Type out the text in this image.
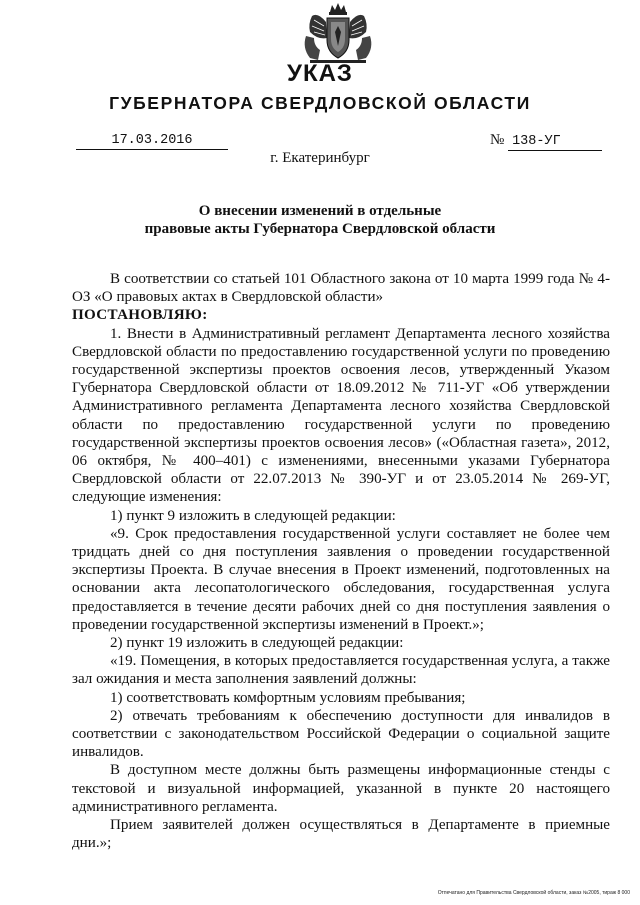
УКАЗ
ГУБЕРНАТОРА СВЕРДЛОВСКОЙ ОБЛАСТИ
17.03.2016	№ 138-УГ
г. Екатеринбург
О внесении изменений в отдельные
правовые акты Губернатора Свердловской области

В соответствии со статьей 101 Областного закона от 10 марта 1999 года № 4-ОЗ «О правовых актах в Свердловской области»

ПОСТАНОВЛЯЮ:

1. Внести в Административный регламент Департамента лесного хозяйства Свердловской области по предоставлению государственной услуги по проведению государственной экспертизы проектов освоения лесов, утвержденный Указом Губернатора Свердловской области от 18.09.2012 № 711-УГ «Об утверждении Административного регламента Департамента лесного хозяйства Свердловской области по предоставлению государственной услуги по проведению государственной экспертизы проектов освоения лесов» («Областная газета», 2012, 06 октября, № 400–401) с изменениями, внесенными указами Губернатора Свердловской области от 22.07.2013 № 390-УГ и от 23.05.2014 № 269-УГ, следующие изменения:

1) пункт 9 изложить в следующей редакции:

«9. Срок предоставления государственной услуги составляет не более чем тридцать дней со дня поступления заявления о проведении государственной экспертизы Проекта. В случае внесения в Проект изменений, подготовленных на основании акта лесопатологического обследования, государственная услуга предоставляется в течение десяти рабочих дней со дня поступления заявления о проведении государственной экспертизы изменений в Проект.»;

2) пункт 19 изложить в следующей редакции:

«19. Помещения, в которых предоставляется государственная услуга, а также зал ожидания и места заполнения заявлений должны:

1) соответствовать комфортным условиям пребывания;

2) отвечать требованиям к обеспечению доступности для инвалидов в соответствии с законодательством Российской Федерации о социальной защите инвалидов.

В доступном месте должны быть размещены информационные стенды с текстовой и визуальной информацией, указанной в пункте 20 настоящего административного регламента.

Прием заявителей должен осуществляться в Департаменте в приемные дни.»;

Отпечатано для Правительства Свердловской области, заказ №2005, тираж 8 000
